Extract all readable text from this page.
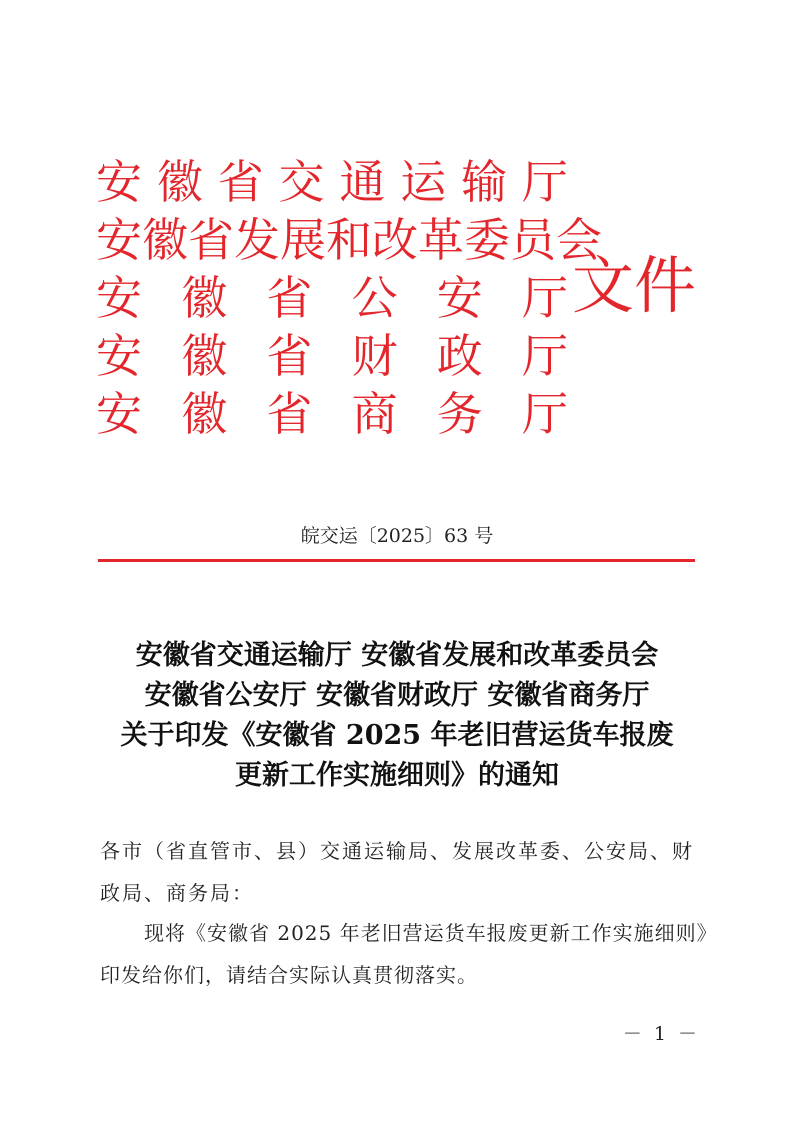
安 徽 省 交 通 运 输 厅
安 徽 省 发 展 和 改 革 委 员 会
安 徽 省 公 安 厅
安 徽 省 财 政 厅
安 徽 省 商 务 厅
文件
皖交运〔2025〕63 号
安徽省交通运输厅 安徽省发展和改革委员会
安徽省公安厅 安徽省财政厅 安徽省商务厅
关于印发《安徽省 2025 年老旧营运货车报废
更新工作实施细则》的通知
各市（省直管市、县）交通运输局、发展改革委、公安局、财
政局、商务局：
现将《安徽省 2025 年老旧营运货车报废更新工作实施细则》
印发给你们，请结合实际认真贯彻落实。
－ 1 －
